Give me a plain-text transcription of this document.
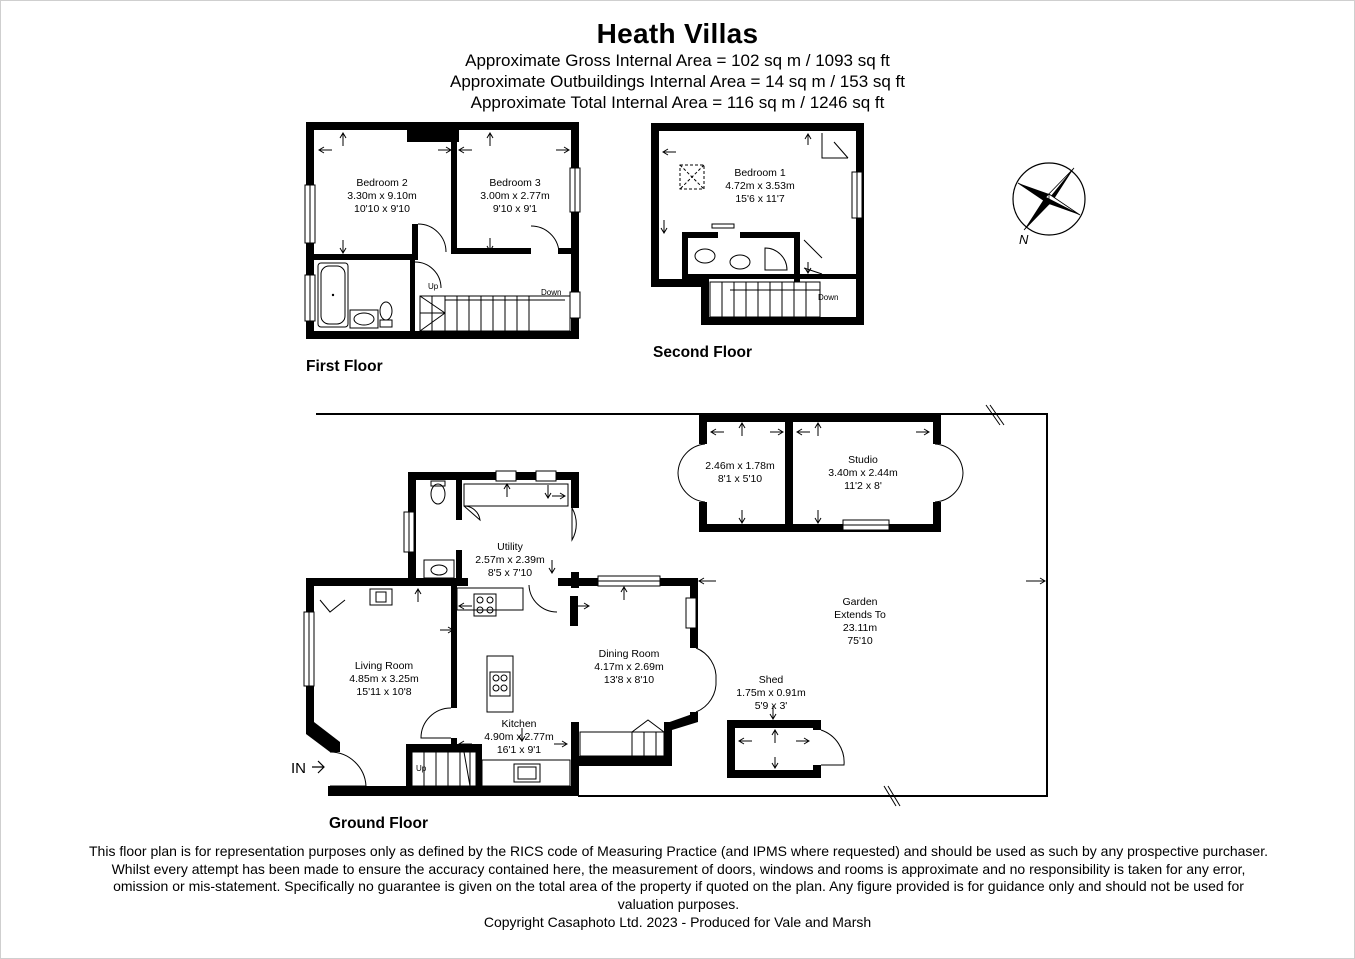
Heath Villas
Approximate Gross Internal Area = 102 sq m / 1093 sq ft
Approximate Outbuildings Internal Area = 14 sq m / 153 sq ft
Approximate Total Internal Area = 116 sq m / 1246 sq ft
Up
Down
Bedroom 2
3.30m x 9.10m
10'10 x 9'10
Bedroom 3
3.00m x 2.77m
9'10 x 9'1
First Floor
Down
Bedroom 1
4.72m x 3.53m
15'6 x 11'7
Second Floor
N
2.46m x 1.78m
8'1 x 5'10
Studio
3.40m x 2.44m
11'2 x 8'
Shed
1.75m x 0.91m
5'9 x 3'
Garden
Extends To
23.11m
75'10
Utility
2.57m x 2.39m
8'5 x 7'10
Up
IN
Living Room
4.85m x 3.25m
15'11 x 10'8
Dining Room
4.17m x 2.69m
13'8 x 8'10
Kitchen
4.90m x 2.77m
16'1 x 9'1
Ground Floor
This floor plan is for representation purposes only as defined by the RICS code of Measuring Practice (and IPMS where requested) and should be used as such by any prospective purchaser. Whilst every attempt has been made to ensure the accuracy contained here, the measurement of doors, windows and rooms is approximate and no responsibility is taken for any error, omission or mis-statement. Specifically no guarantee is given on the total area of the property if quoted on the plan. Any figure provided is for guidance only and should not be used for valuation purposes.
Copyright Casaphoto Ltd. 2023 - Produced for Vale and Marsh
